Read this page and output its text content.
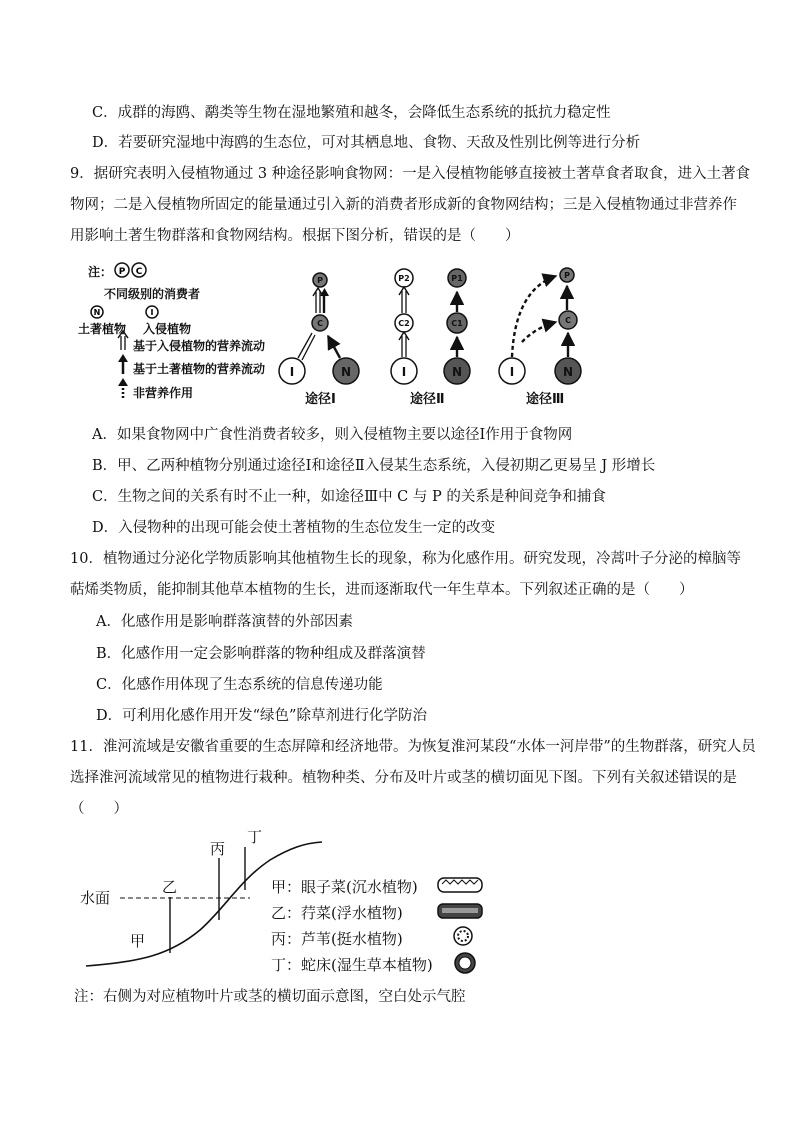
C．成群的海鸥、鹬类等生物在湿地繁殖和越冬，会降低生态系统的抵抗力稳定性
D．若要研究湿地中海鸥的生态位，可对其栖息地、食物、天敌及性别比例等进行分析
9．据研究表明入侵植物通过 3 种途径影响食物网：一是入侵植物能够直接被土著草食者取食，进入土著食
物网；二是入侵植物所固定的能量通过引入新的消费者形成新的食物网结构；三是入侵植物通过非营养作
用影响土著生物群落和食物网结构。根据下图分析，错误的是（　　）
P C
N	I
注：
不同级别的消费者
土著植物 入侵植物
基于入侵植物的营养流动
基于土著植物的营养流动
非营养作用
P
C
I	N
P2
C2
P1
C1
I	N
P
C
I	N
途径Ⅰ	途径Ⅱ	途径Ⅲ
A．如果食物网中广食性消费者较多，则入侵植物主要以途径Ⅰ作用于食物网
B．甲、乙两种植物分别通过途径Ⅰ和途径Ⅱ入侵某生态系统，入侵初期乙更易呈 J 形增长
C．生物之间的关系有时不止一种，如途径Ⅲ中 C 与 P 的关系是种间竞争和捕食
D．入侵物种的出现可能会使土著植物的生态位发生一定的改变
10．植物通过分泌化学物质影响其他植物生长的现象，称为化感作用。研究发现，冷蒿叶子分泌的樟脑等
萜烯类物质，能抑制其他草本植物的生长，进而逐渐取代一年生草本。下列叙述正确的是（　　）
A．化感作用是影响群落演替的外部因素
B．化感作用一定会影响群落的物种组成及群落演替
C．化感作用体现了生态系统的信息传递功能
D．可利用化感作用开发“绿色”除草剂进行化学防治
11．淮河流域是安徽省重要的生态屏障和经济地带。为恢复淮河某段“水体一河岸带”的生物群落，研究人员
选择淮河流域常见的植物进行栽种。植物种类、分布及叶片或茎的横切面见下图。下列有关叙述错误的是
（　　）
水面
甲
乙
丙
丁
甲：眼子菜(沉水植物)
乙：荇菜(浮水植物)
丙：芦苇(挺水植物)
丁：蛇床(湿生草本植物)
注：右侧为对应植物叶片或茎的横切面示意图，空白处示气腔
